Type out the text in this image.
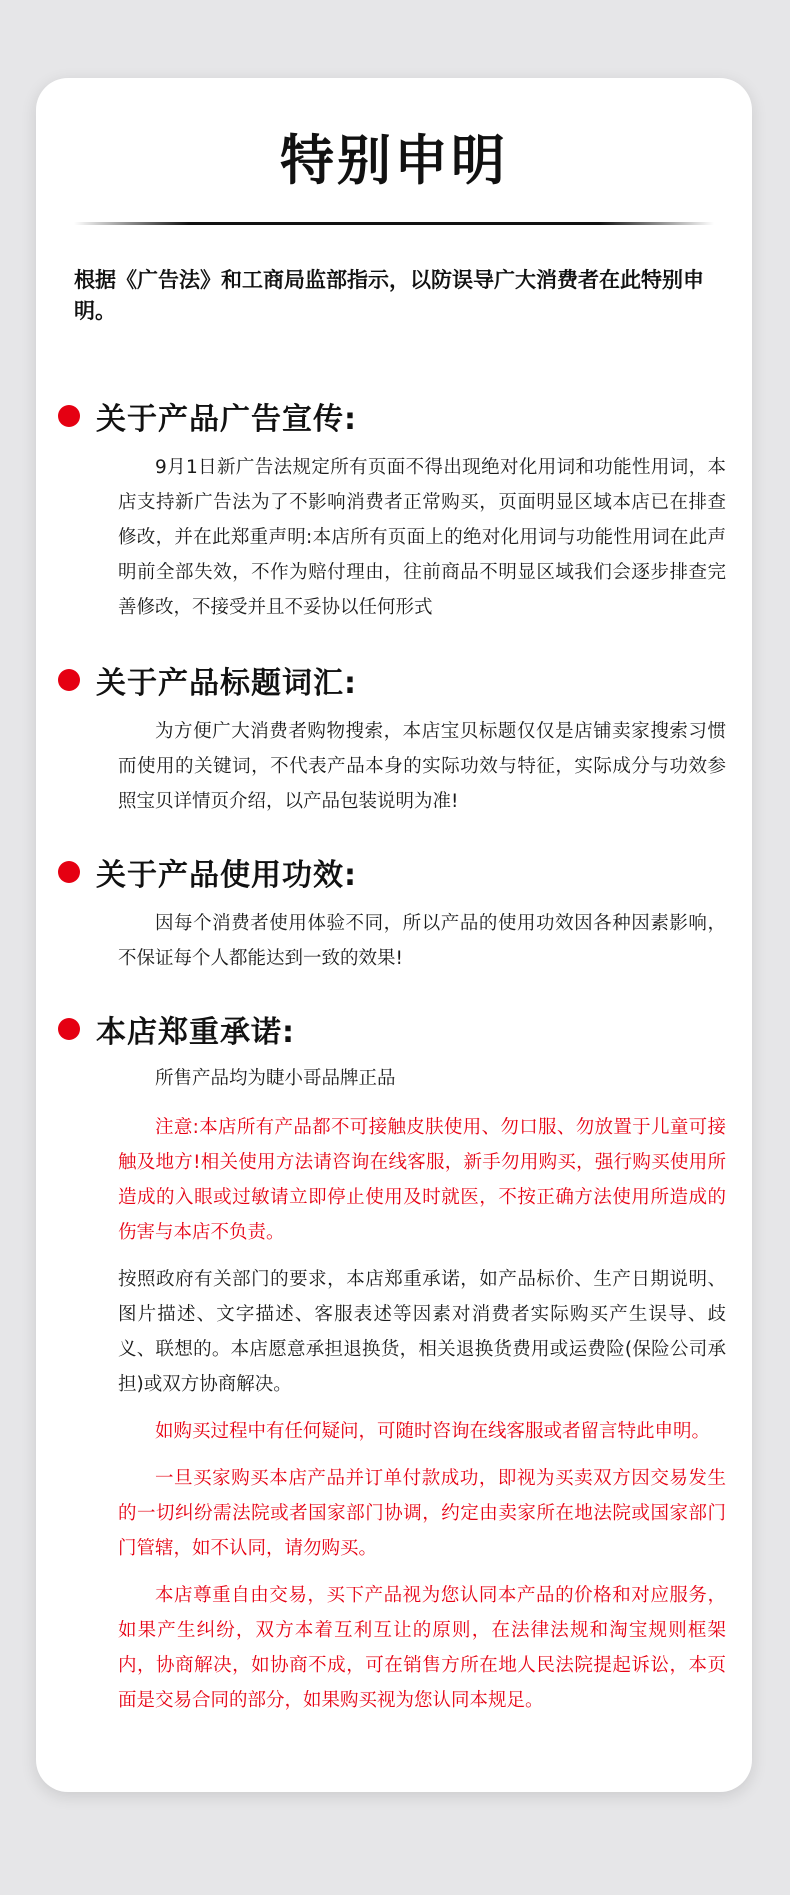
特别申明
根据《广告法》和工商局监部指示，以防误导广大消费者在此特别申明。
关于产品广告宣传:

9月1日新广告法规定所有页面不得出现绝对化用词和功能性用词，本店支持新广告法为了不影响消费者正常购买，页面明显区域本店已在排查修改，并在此郑重声明:本店所有页面上的绝对化用词与功能性用词在此声明前全部失效，不作为赔付理由，往前商品不明显区域我们会逐步排查完善修改，不接受并且不妥协以任何形式

关于产品标题词汇:

为方便广大消费者购物搜索，本店宝贝标题仅仅是店铺卖家搜索习惯而使用的关键词，不代表产品本身的实际功效与特征，实际成分与功效参照宝贝详情页介绍，以产品包装说明为准!

关于产品使用功效:

因每个消费者使用体验不同，所以产品的使用功效因各种因素影响，不保证每个人都能达到一致的效果!

本店郑重承诺:

所售产品均为睫小哥品牌正品

注意:本店所有产品都不可接触皮肤使用、勿口服、勿放置于儿童可接触及地方!相关使用方法请咨询在线客服，新手勿用购买，强行购买使用所造成的入眼或过敏请立即停止使用及时就医，不按正确方法使用所造成的伤害与本店不负责。

按照政府有关部门的要求，本店郑重承诺，如产品标价、生产日期说明、图片描述、文字描述、客服表述等因素对消费者实际购买产生误导、歧义、联想的。本店愿意承担退换货，相关退换货费用或运费险(保险公司承担)或双方协商解决。

如购买过程中有任何疑问，可随时咨询在线客服或者留言特此申明。

一旦买家购买本店产品并订单付款成功，即视为买卖双方因交易发生的一切纠纷需法院或者国家部门协调，约定由卖家所在地法院或国家部门门管辖，如不认同，请勿购买。

本店尊重自由交易，买下产品视为您认同本产品的价格和对应服务，如果产生纠纷，双方本着互利互让的原则，在法律法规和淘宝规则框架内，协商解决，如协商不成，可在销售方所在地人民法院提起诉讼，本页面是交易合同的部分，如果购买视为您认同本规足。
